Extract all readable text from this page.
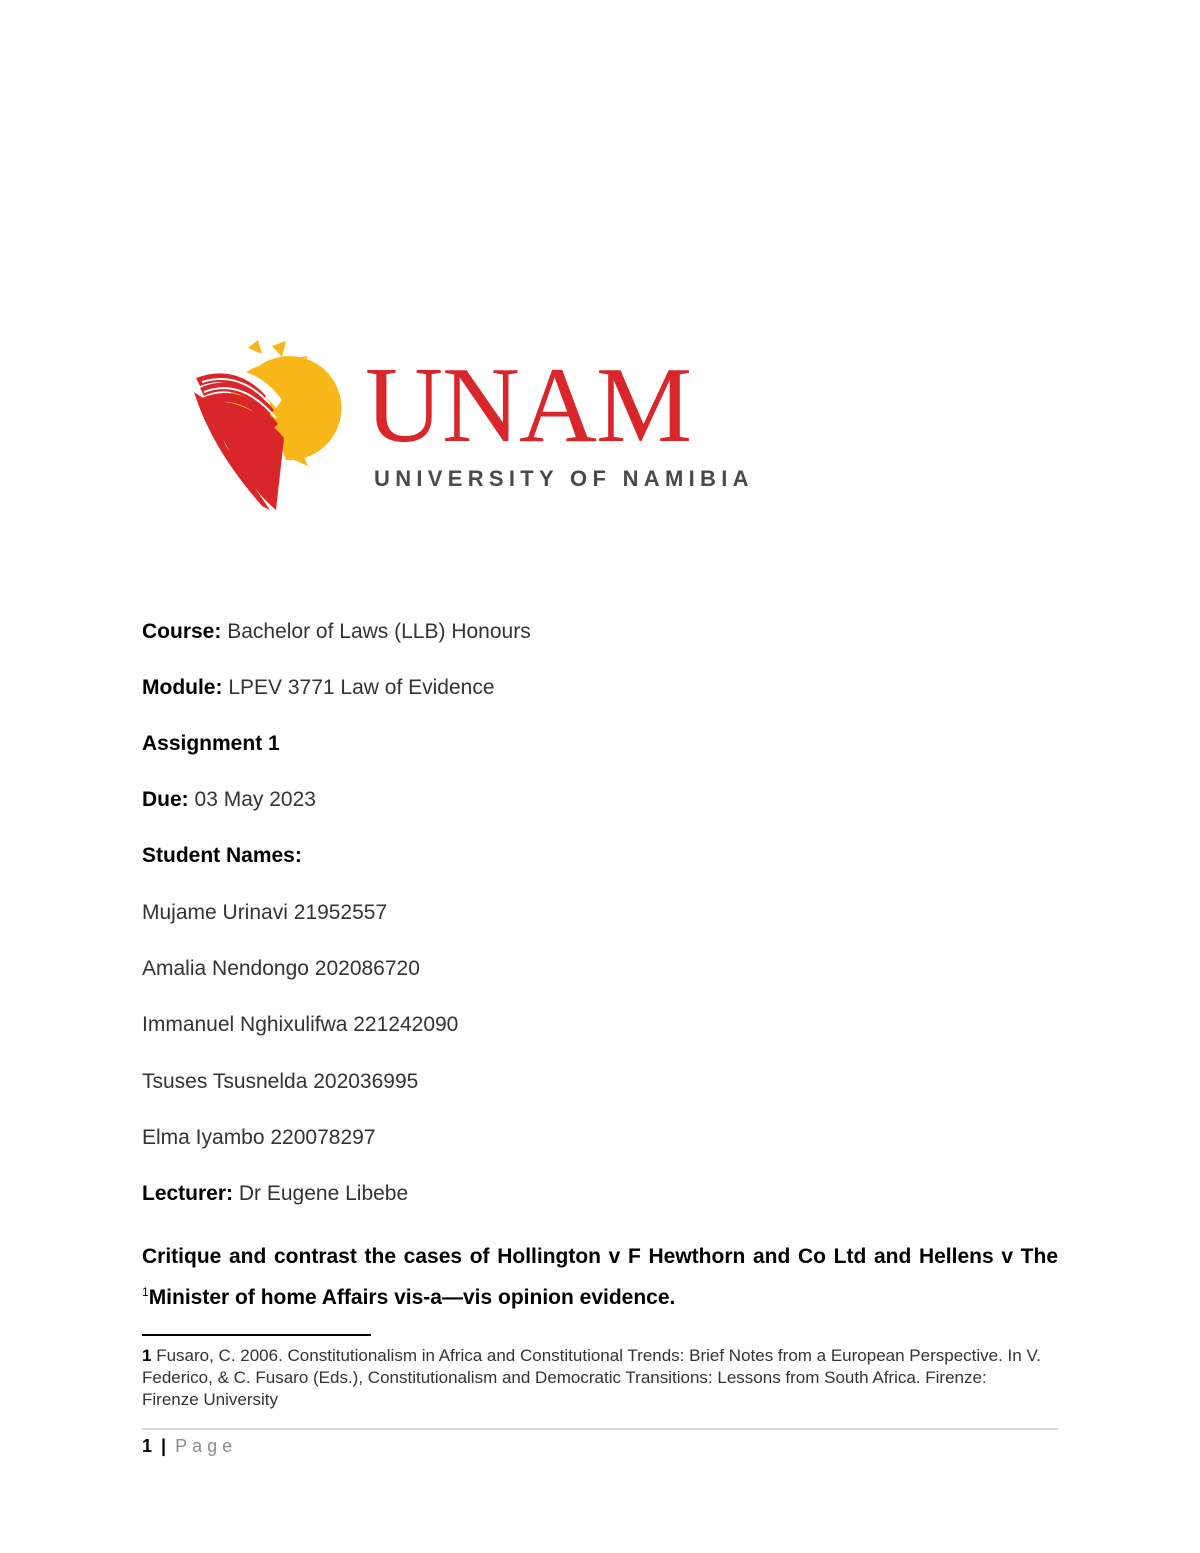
UNAM
UNIVERSITY OF NAMIBIA
Course: Bachelor of Laws (LLB) Honours
Module: LPEV 3771 Law of Evidence
Assignment 1
Due: 03 May 2023
Student Names:
Mujame Urinavi 21952557
Amalia Nendongo 202086720
Immanuel Nghixulifwa 221242090
Tsuses Tsusnelda 202036995
Elma Iyambo 220078297
Lecturer: Dr Eugene Libebe
Critique and contrast the cases of Hollington v F Hewthorn and Co Ltd and Hellens v The $^1$Minister of home Affairs vis-a—vis opinion evidence.
1 Fusaro, C. 2006. Constitutionalism in Africa and Constitutional Trends: Brief Notes from a European Perspective. In V. Federico, & C. Fusaro (Eds.), Constitutionalism and Democratic Transitions: Lessons from South Africa. Firenze: Firenze University
1 | Page
